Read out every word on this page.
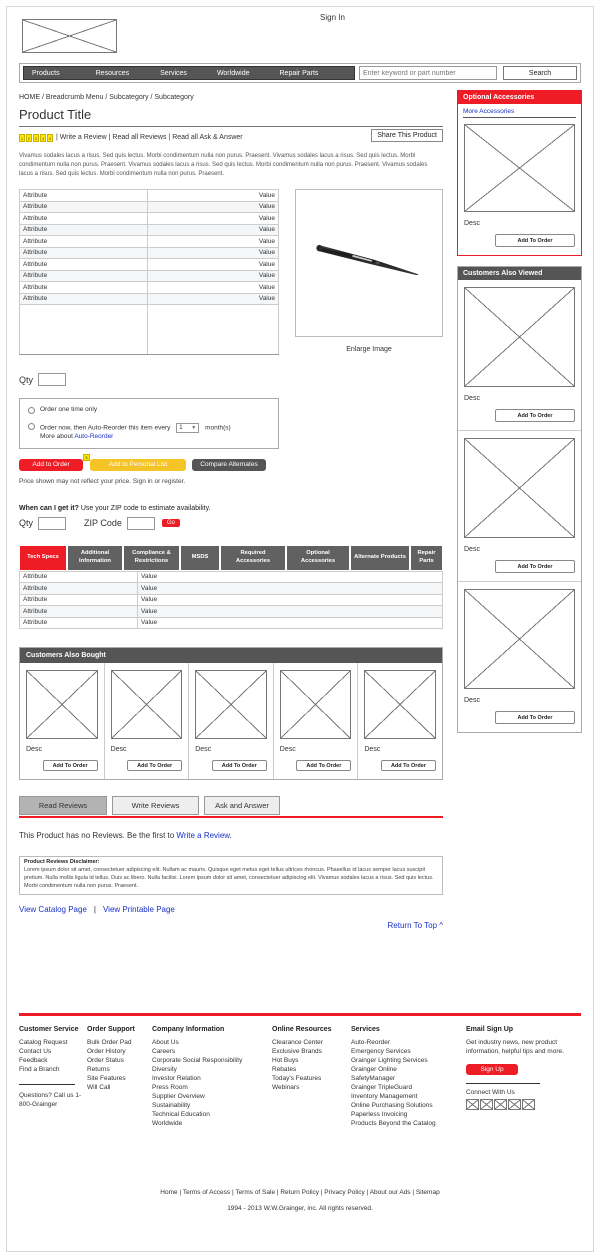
Sign In
Products	Resources	Services	Worldwide	Repair Parts
Enter keyword or part number	Search
HOME / Breadcrumb Menu / Subcategory / Subcategory
Product Title
1	2	3	4	5 | Write a Review | Read all Reviews | Read all Ask & Answer	Share This Product
Vivamus sodales lacus a risus. Sed quis lectus. Morbi condimentum nulla non purus. Praesent. Vivamus sodales lacus a risus. Sed quis lectus. Morbi condimentum nulla non purus. Praesent. Vivamus sodales lacus a risus. Sed quis lectus. Morbi condimentum nulla non purus. Praesent. Vivamus sodales lacus a risus. Sed quis lectus. Morbi condimentum nulla non purus. Praesent.
Attribute	Value
Attribute	Value
Attribute	Value
Attribute	Value
Attribute	Value
Attribute	Value
Attribute	Value
Attribute	Value
Attribute	Value
Attribute	Value

Enlarge Image
Qty
Order one time only
Order now, then Auto-Reorder this item every 1 ▼ month(s)
More about Auto-Reorder
Add to Order
$
Add to Personal List	Compare Alternates
Price shown may not reflect your price. Sign in or register.
When can I get it? Use your ZIP code to estimate availability.
Qty	ZIP Code	Go
Tech Specs
Additional Information
Compliance & Restrictions
MSDS
Required Accessories
Optional Accessories
Alternate Products
Repair Parts
Attribute	Value
Attribute	Value
Attribute	Value
Attribute	Value
Attribute	Value
Customers Also Bought
Desc
Add To Order
Desc
Add To Order
Desc
Add To Order
Desc
Add To Order
Desc
Add To Order
Read Reviews	Write Reviews	Ask and Answer
This Product has no Reviews. Be the first to Write a Review.
Product Reviews Disclaimer:
Lorem ipsum dolor sit amet, consectetuer adipiscing elit. Nullam ac mauris. Quisque eget metus eget tellus ultrices rhoncus. Phasellus id lacus semper lacus suscipit pretium. Nulla mollis ligula id tellus. Duis ac libero. Nulla facilisi. Lorem ipsum dolor sit amet, consectetuer adipiscing elit. Vivamus sodales lacus a risus. Sed quis lectus. Morbi condimentum nulla non purus. Praesent.
View Catalog Page | View Printable Page
Return To Top ^
Optional Accessories
More Accessories
Desc
Add To Order
Customers Also Viewed
Desc
Add To Order
Desc
Add To Order
Desc
Add To Order
Customer Service
Catalog Request
Contact Us
Feedback
Find a Branch
Questions? Call us 1-800-Grainger
Order Support
Bulk Order Pad
Order History
Order Status
Returns
Site Features
Will Call
Company Information
About Us
Careers
Corporate Social Responsibility
Diversity
Investor Relation
Press Room
Supplier Overview
Sustainability
Technical Education
Worldwide
Online Resources
Clearance Center
Exclusive Brands
Hot Buys
Rebates
Today's Features
Webinars
Services
Auto-Reorder
Emergency Services
Grainger Lighting Services
Grainger Online
SafetyManager
Grainger TripleGuard
Inventory Management
Online Purchasing Solutions
Paperless Invoicing
Products Beyond the Catalog
Email Sign Up
Get industry news, new product information, helpful tips and more.
Sign Up
Connect With Us
Home | Terms of Access | Terms of Sale | Return Policy | Privacy Policy | About our Ads | Sitemap
1994 - 2013 W.W.Grainger, inc. All rights reserved.
